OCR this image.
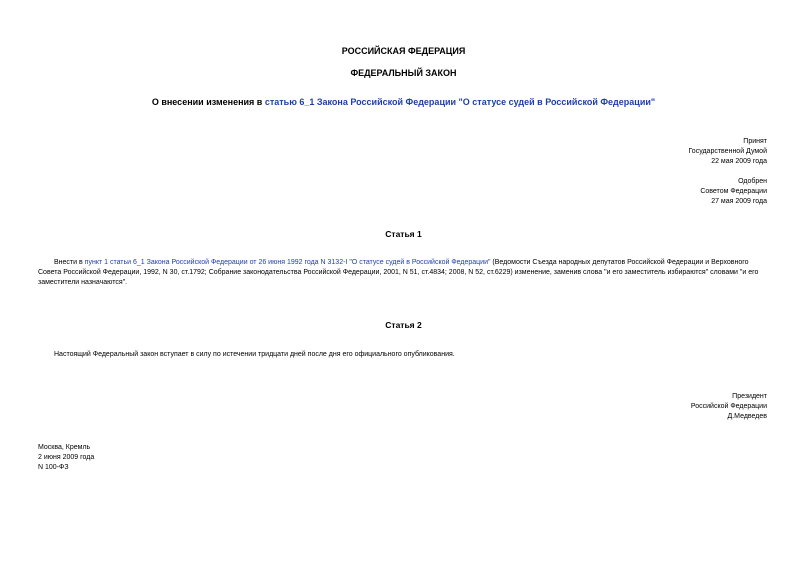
РОССИЙСКАЯ ФЕДЕРАЦИЯ
ФЕДЕРАЛЬНЫЙ ЗАКОН
О внесении изменения в статью 6_1 Закона Российской Федерации "О статусе судей в Российской Федерации"
Принят
Государственной Думой
22 мая 2009 года
Одобрен
Советом Федерации
27 мая 2009 года
Статья 1
Внести в пункт 1 статьи 6_1 Закона Российской Федерации от 26 июня 1992 года N 3132-I "О статусе судей в Российской Федерации" (Ведомости Съезда народных депутатов Российской Федерации и Верховного Совета Российской Федерации, 1992, N 30, ст.1792; Собрание законодательства Российской Федерации, 2001, N 51, ст.4834; 2008, N 52, ст.6229) изменение, заменив слова "и его заместитель избираются" словами "и его заместители назначаются".
Статья 2
Настоящий Федеральный закон вступает в силу по истечении тридцати дней после дня его официального опубликования.
Президент
Российской Федерации
Д.Медведев
Москва, Кремль
2 июня 2009 года
N 100-ФЗ
